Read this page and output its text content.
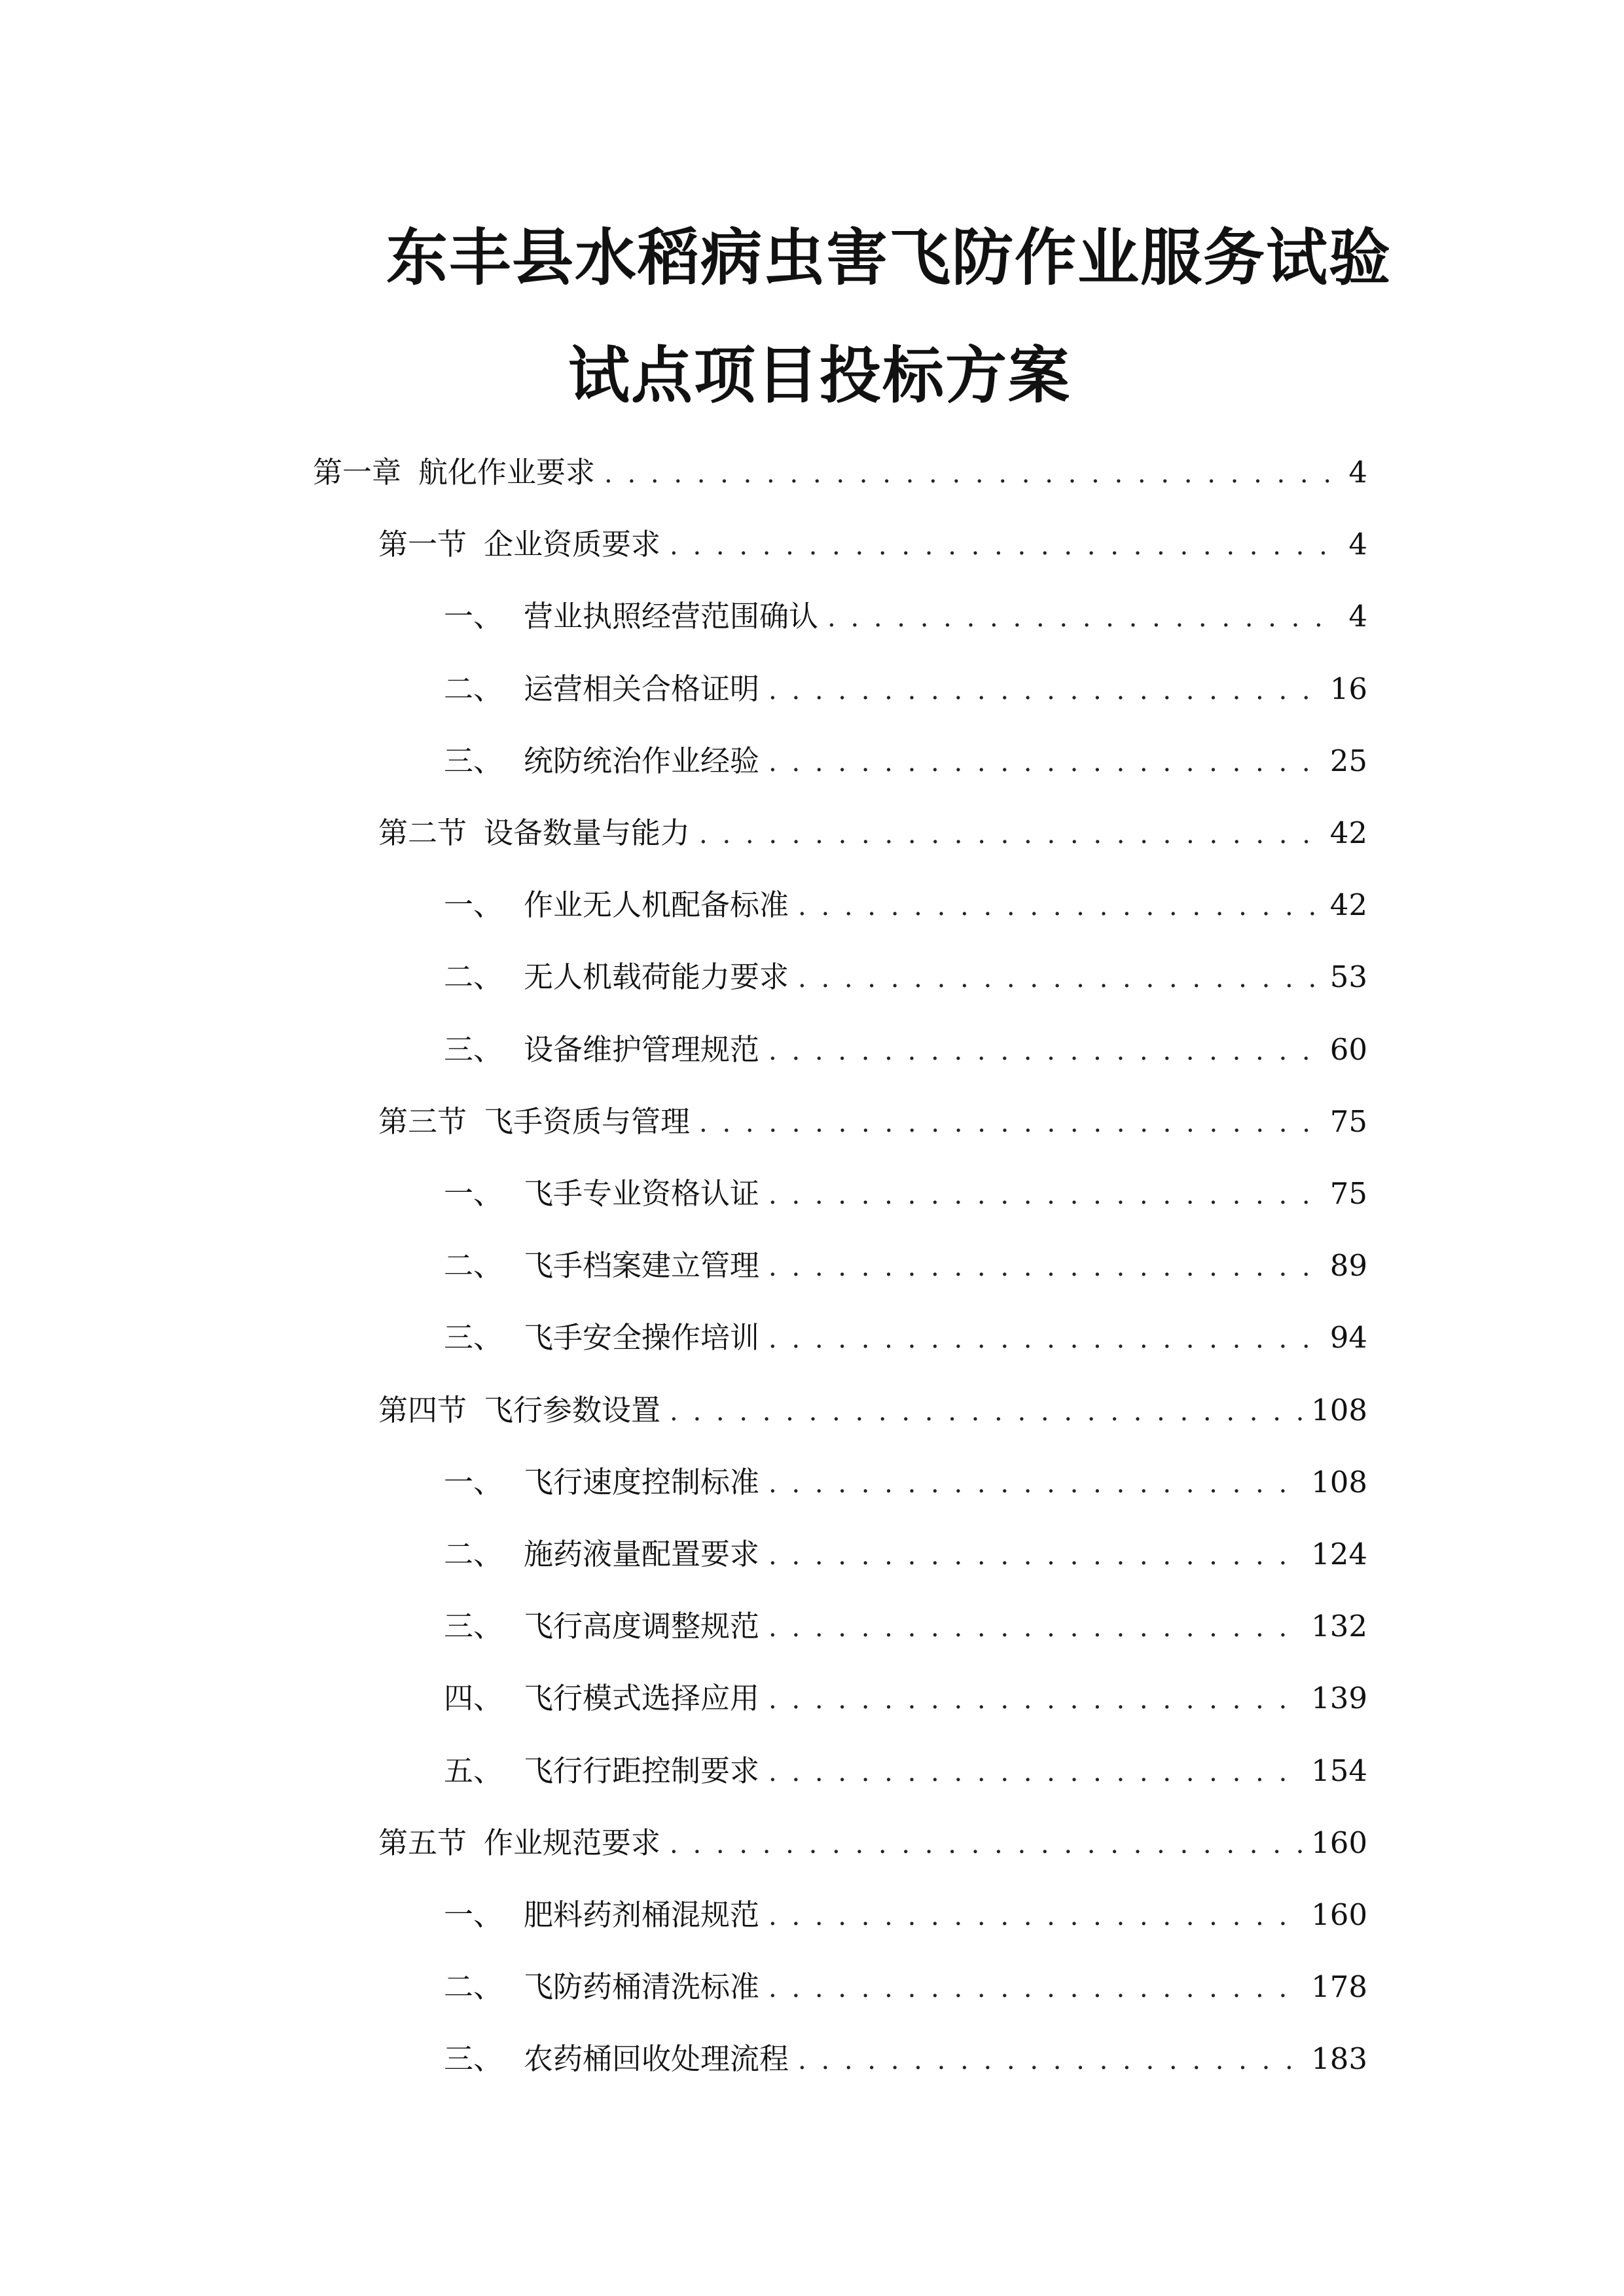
东丰县水稻病虫害飞防作业服务试验
试点项目投标方案
第一章 航化作业要求 . . .	4
第一节 企业资质要求 . . .	4
一、 营业执照经营范围确认 . . .	4
二、 运营相关合格证明 . . .	16
三、 统防统治作业经验 . . .	25
第二节 设备数量与能力 . . .	42
一、 作业无人机配备标准 . . .	42
二、 无人机载荷能力要求 . . .	53
三、 设备维护管理规范 . . .	60
第三节 飞手资质与管理 . . .	75
一、 飞手专业资格认证 . . .	75
二、 飞手档案建立管理 . . .	89
三、 飞手安全操作培训 . . .	94
第四节 飞行参数设置 . . .	108
一、 飞行速度控制标准 . . .	108
二、 施药液量配置要求 . . .	124
三、 飞行高度调整规范 . . .	132
四、 飞行模式选择应用 . . .	139
五、 飞行行距控制要求 . . .	154
第五节 作业规范要求 . . .	160
一、 肥料药剂桶混规范 . . .	160
二、 飞防药桶清洗标准 . . .	178
三、 农药桶回收处理流程 . . .	183
